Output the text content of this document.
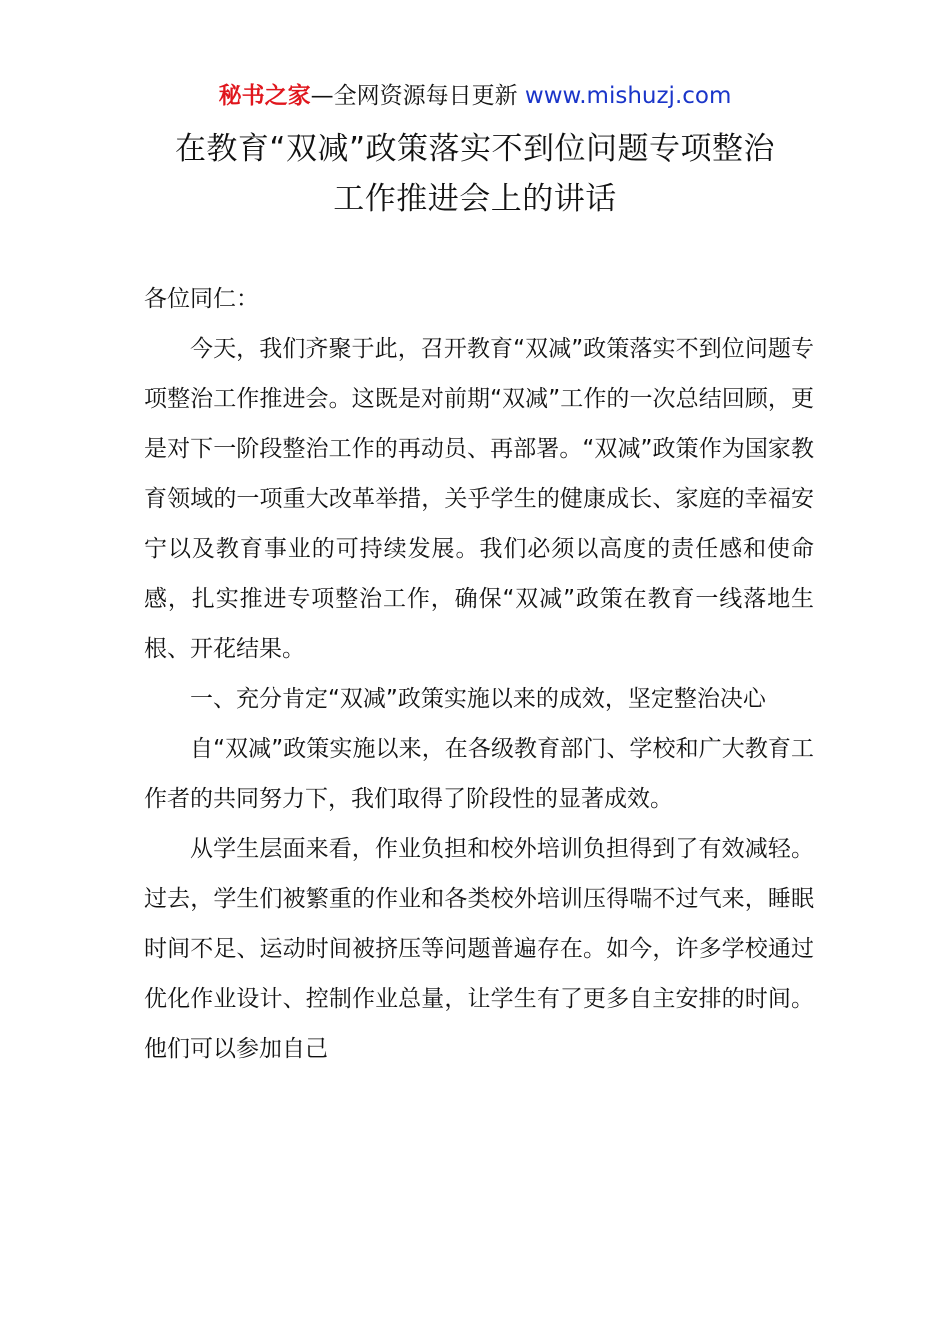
秘书之家—全网资源每日更新 www.mishuzj.com
在教育“双减”政策落实不到位问题专项整治
工作推进会上的讲话

各位同仁：

今天，我们齐聚于此，召开教育“双减”政策落实不到位问题专项整治工作推进会。这既是对前期“双减”工作的一次总结回顾，更是对下一阶段整治工作的再动员、再部署。“双减”政策作为国家教育领域的一项重大改革举措，关乎学生的健康成长、家庭的幸福安宁以及教育事业的可持续发展。我们必须以高度的责任感和使命感，扎实推进专项整治工作，确保“双减”政策在教育一线落地生根、开花结果。

一、充分肯定“双减”政策实施以来的成效，坚定整治决心

自“双减”政策实施以来，在各级教育部门、学校和广大教育工作者的共同努力下，我们取得了阶段性的显著成效。

从学生层面来看，作业负担和校外培训负担得到了有效减轻。过去，学生们被繁重的作业和各类校外培训压得喘不过气来，睡眠时间不足、运动时间被挤压等问题普遍存在。如今，许多学校通过优化作业设计、控制作业总量，让学生有了更多自主安排的时间。他们可以参加自己
